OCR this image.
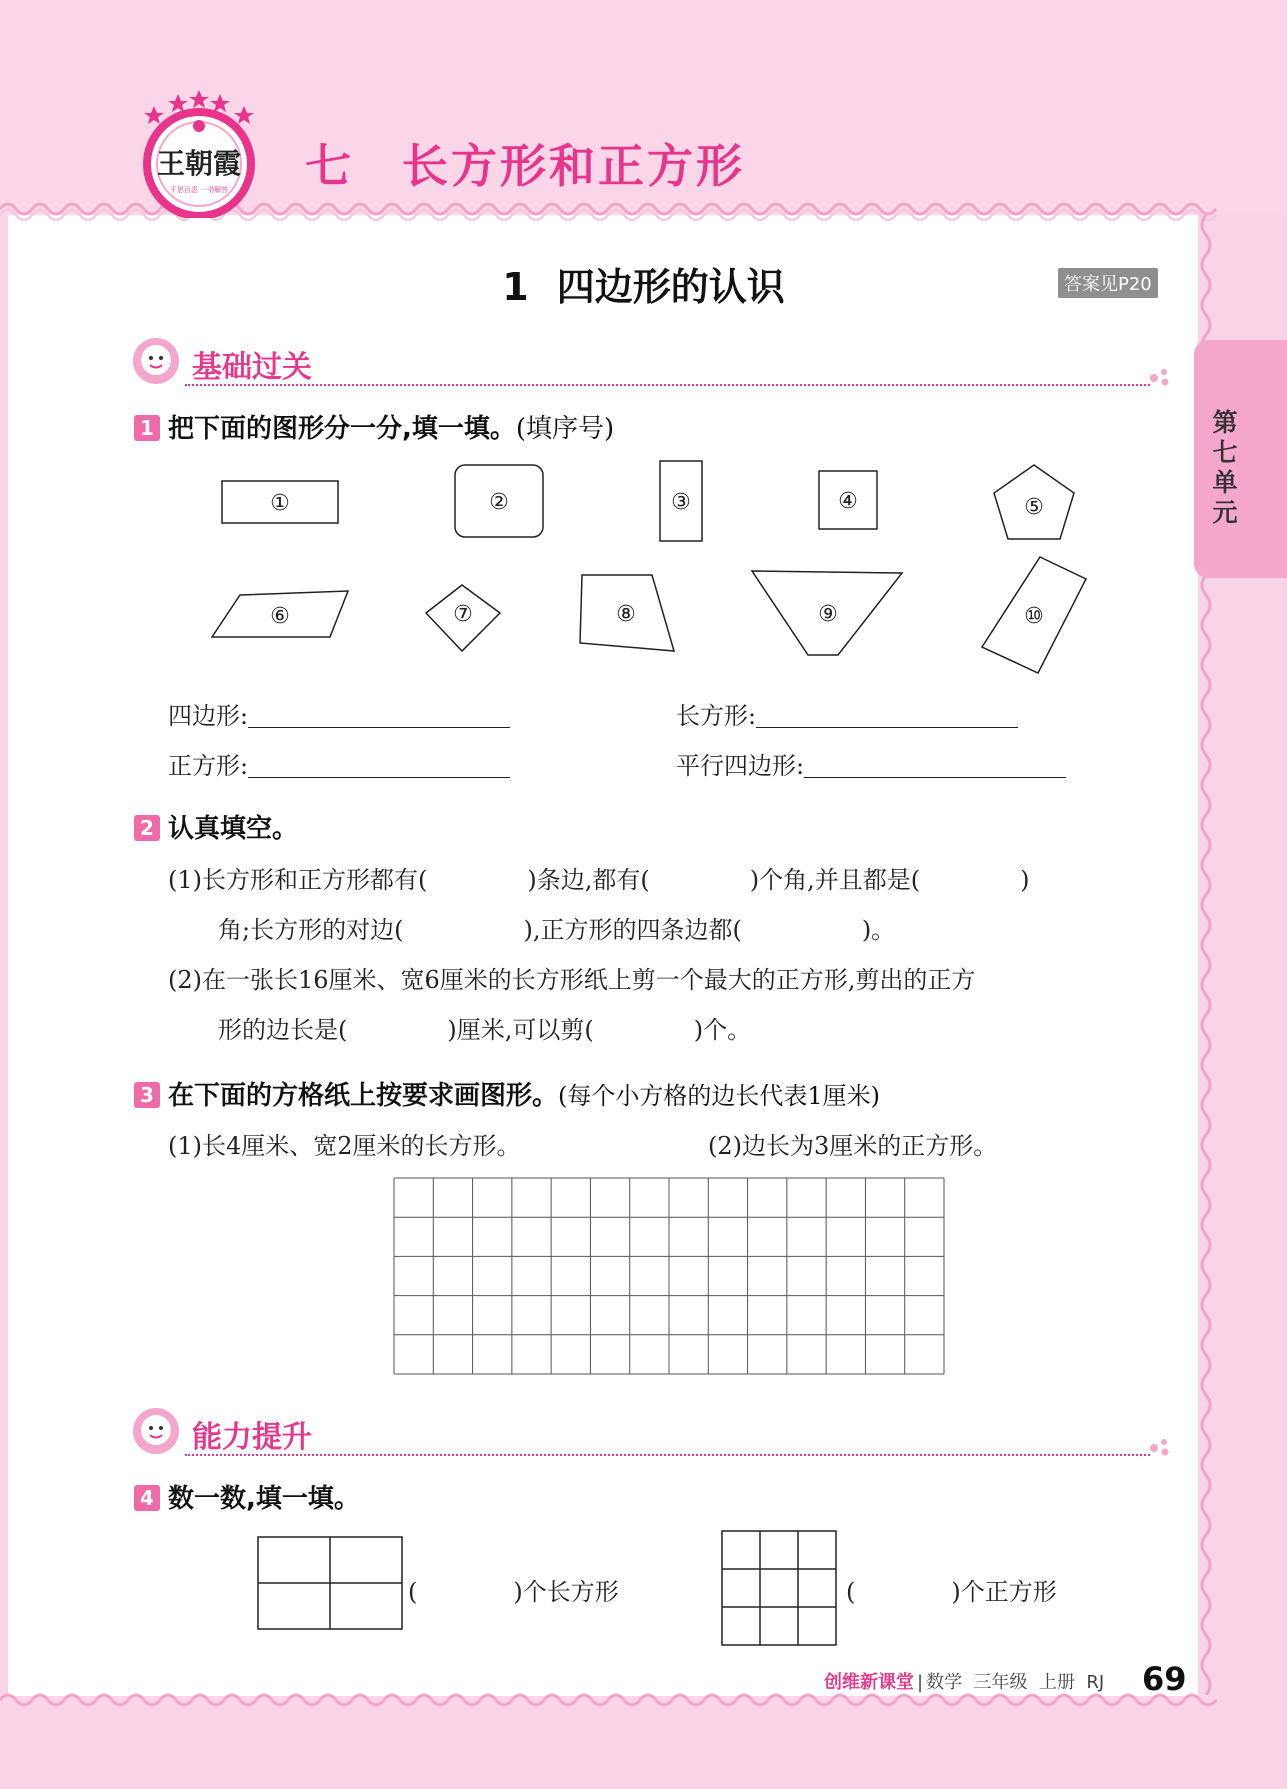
王朝霞
千思百虑 一书解答 七 长方形和正方形
第七单元
1 四边形的认识	答案见P20
基础过关
1 把下面的图形分一分,填一填。(填序号)
①	②	③	④	⑤
⑥	⑦	⑧	⑨	⑩
四边形:	长方形:
正方形:	平行四边形:
2 认真填空。
(1)长方形和正方形都有(	)条边,都有(	)个角,并且都是(	)
角;长方形的对边(	),正方形的四条边都(	)。
(2)在一张长16厘米、宽6厘米的长方形纸上剪一个最大的正方形,剪出的正方
形的边长是(	)厘米,可以剪(	)个。
3 在下面的方格纸上按要求画图形。(每个小方格的边长代表1厘米)
(1)长4厘米、宽2厘米的长方形。	(2)边长为3厘米的正方形。
能力提升
4 数一数,填一填。
(	)个长方形	(	)个正方形
创维新课堂 | 数学  三年级  上册  RJ 69
